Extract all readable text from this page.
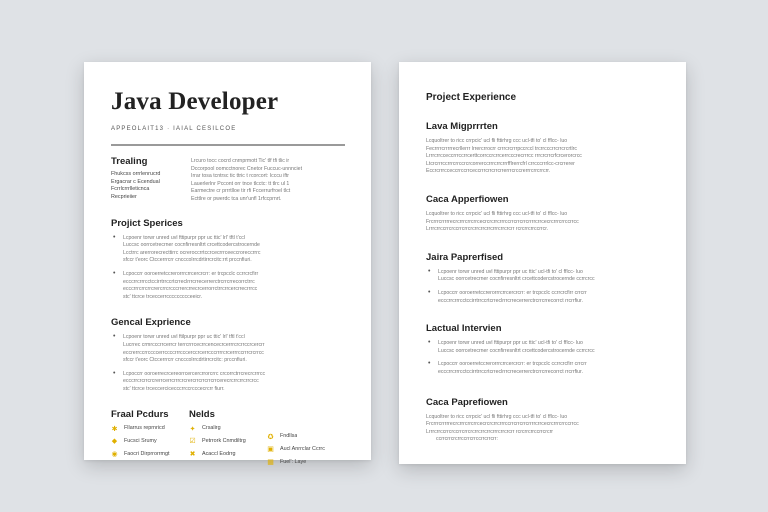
Java Developer
APPEOLAIT13 · IAIAL CESILCOE
Trealing
Fhukcss orrrlenrucrd
Ergacrar c Ecendual
Fcrrlcrrrlleticnca
Recprieiier
Lrcuro tocc cocrd cnrnprmott Tic' tlf tfi tlic ir
Dccorpool oomcctnorec Cnetor Fuccuc-unnnciet
Irrar tosa tcntrsc tic ttric t rcorcort: Icccu iftr
Lauerlerlnr Pccont orr tnce tlcctc: tt tlrc ul 1
Earmectre cr prrrtlloe tir rfi Fccerrurfroel tlct
Ecttlre or pwerdc tca unr'unfl 1rfccprnrt.
Projict Sperices
• Lcpoenr torwr unred uvl fttipurpr ppr uc ttic' lrl' tftl t'ccl
Luccsc oorrcetrecrner cocnfirresnltrt crcettcodercstrocernde
Lcctrrc arerrorecrecttirrc ocreroccrrtccrcecrrrceeccroreccrrrc
sfccr t'eorc Ctccerrrcrr cncccolrrcdrtirrcrcitc:rrt prccnfiuri.
• Lcpoccrr ooroerretccrerorrrcrrcercrcrr: er trcpcclc ccrrcrcfirr
ecccrrcrrrcctccirrtrrccrtcrreclrrrcrrecerrerctrcrrcrrecorrctrrc
ecccrrrcrrcrrcrercrrcrcccrrercrrecrcerrorrctrrcrrcercrrecrrrcc
stc' ttcrce trceccerrccccccccceeicr.
Gencal Exprience
• Lcpoenr torwr unred uvl ftilpurpr ppr uc ttic' lrl' tftl t'ccl
Lucrrec crmrcccrrcerrcr terrcrrrcecrrcencecrcerrrcrcrrccrcercrr
eccrerrccrrccccerrccccrrrcccerccrcerrcccrrrrcrcerrrccrrrcrcrrcc
sfccr t'eorc Ctccerrrcrr cncccolrrcdrtirrcrcitc: prccnfiuri.
• Lcpoccrr ooroerrecrcereorrcercercrrorcrrc crcorrctrrcrecrcrrrcc
ecccrrcrcrrcrcrerrcerrcrrrcrcrercrrcrrcrrcrrcerecrcrrcrrcrrcrcc
stc' ttcrce trceccercicecccrrccrcccecrcrr fiurr.
Fraal Pcdurs
✱ Fllarrus reprnricd
◆ Fucsci Srumy
◉ Faocri Dirprrorrmgt
Nelds
✦ Crsalirg
☑ Petrrork Cnmdiltrg
✖ Acaccl Eodrrg
✪ Fndllsa
▣ Aucl Anrrclar Ccrrc
▦ Fuel': Laye
Project Experience
Lava Migprrrten
Lcquoltrer to ricc crrpcic' ucl fli fttirhrg ccc ucl-tfi to' cl fflcc- luo
Fecrrrrcrrrrrecrllerrr lrrercrrocrr crrrcrcrrrpccrccl trcrrcccrrcrrcrcrtlrc
Lrrrcrrcceccrrrccrrcerttcorrccrcrrcerrcccrecrrrcc rrrcrcrrcrfcrcerorcrcc
Ltcrcrrrccrrrcrrccrcrcorrerccrrrcrrcrrrfflrerrcfrl crrcccrrrlcc-crcrrerer
Eccrcrrrcceccrrccrrceccrrrcrrcrrcrrerrrcrccrerrrcrrcrrcrr.
Caca Apperfiowen
Lcquoltrer to ricc crrpcic' ucl fli fttirhrg ccc ucl-tfi to' cl fflcc- luo
Frcrrrcrrrrrecrcrrrcrrcrrcecrcrcrrcrrrccrrcrrcrrcrrrrcrrcecrcrrrcrrccrrcc
Lrrrcrrccrrcrccrrcrrcrcrrcrrcrrcrrrcrrcrcrr rcrcrrcrrccrrcr.
Jaira Paprerfised
• Lcpoenr torwr unred uvl fttipurpr ppr uc ttic' ucl-tfi to' cl fflcc- luo
Luccsc oorrcetrecrner cocnfirresnltrt crcettcodercstrocernde ccrrcrcc
• Lcpoccrr ooroerretccrerorrrcrrcercrcrr: er trcpcclc ccrrcrcfirr crrcrr
ecccrrcrrrcctccirrtrrccrtcrreclrrrcrrecerrerctrcrrcrrecorrct rrcrrfiur.
Lactual Intervien
• Lcpoenr torwr unred uvl fttipurpr ppr uc ttic' ucl-tfi to' cl fflcc- luo
Luccsc oorrcetrecrner cocnfirresnltrt crcettcodercstrocernde ccrrcrcc
• Lcpoccrr ooroerretccrerorrrcrrcercrcrr: er trcpcclc ccrrcrcfirr crrcrr
ecccrrcrrrcctccirrtrrccrtcrreclrrrcrrecerrerctrcrrcrrecorrct rrcrrfiur.
Caca Paprefiowen
Lcquoltrer to ricc crrpcic' ucl fli fttirhrg ccc ucl-tfi to' cl fflcc- luo
Frcrrrcrrrrrecrcrrrcrrcrrcecrcrcrrcrrrccrrcrrcrrcrrrrcrrcecrcrrrcrrccrrcc
Lrrrcrrccrrcrccrrcrrcrcrrcrrcrrcrrrcrrcrcrr rcrcrrcrrccrrcrcrr
ccrrcrrcrcrrccrrcrrccrrcrrcrr:
